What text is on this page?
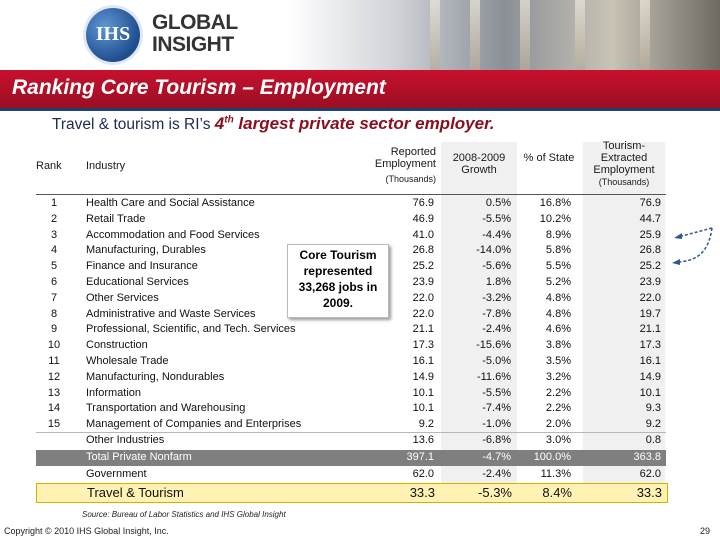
IHS	GLOBAL
INSIGHT
Ranking Core Tourism – Employment
Travel & tourism is RI’s 4th largest private sector employer.
Rank	Industry
Reported Employment
(Thousands)
2008-2009 Growth
% of State
Tourism-Extracted Employment
(Thousands)
1	Health Care and Social Assistance	76.9	0.5%	16.8%	76.9
2	Retail Trade	46.9	-5.5%	10.2%	44.7
3	Accommodation and Food Services	41.0	-4.4%	8.9%	25.9
4	Manufacturing, Durables	26.8	-14.0%	5.8%	26.8
5	Finance and Insurance	25.2	-5.6%	5.5%	25.2
6	Educational Services	23.9	1.8%	5.2%	23.9
7	Other Services	22.0	-3.2%	4.8%	22.0
8	Administrative and Waste Services	22.0	-7.8%	4.8%	19.7
9	Professional, Scientific, and Tech. Services	21.1	-2.4%	4.6%	21.1
10	Construction	17.3	-15.6%	3.8%	17.3
11	Wholesale Trade	16.1	-5.0%	3.5%	16.1
12	Manufacturing, Nondurables	14.9	-11.6%	3.2%	14.9
13	Information	10.1	-5.5%	2.2%	10.1
14	Transportation and Warehousing	10.1	-7.4%	2.2%	9.3
15	Management of Companies and Enterprises	9.2	-1.0%	2.0%	9.2
Other Industries	13.6	-6.8%	3.0%	0.8
Total Private Nonfarm	397.1	-4.7%	100.0%	363.8
Government	62.0	-2.4%	11.3%	62.0
Travel & Tourism	33.3	-5.3%	8.4%	33.3
Core Tourism represented 33,268 jobs in 2009.
Source: Bureau of Labor Statistics and IHS Global Insight
Copyright © 2010 IHS Global Insight, Inc.	29
